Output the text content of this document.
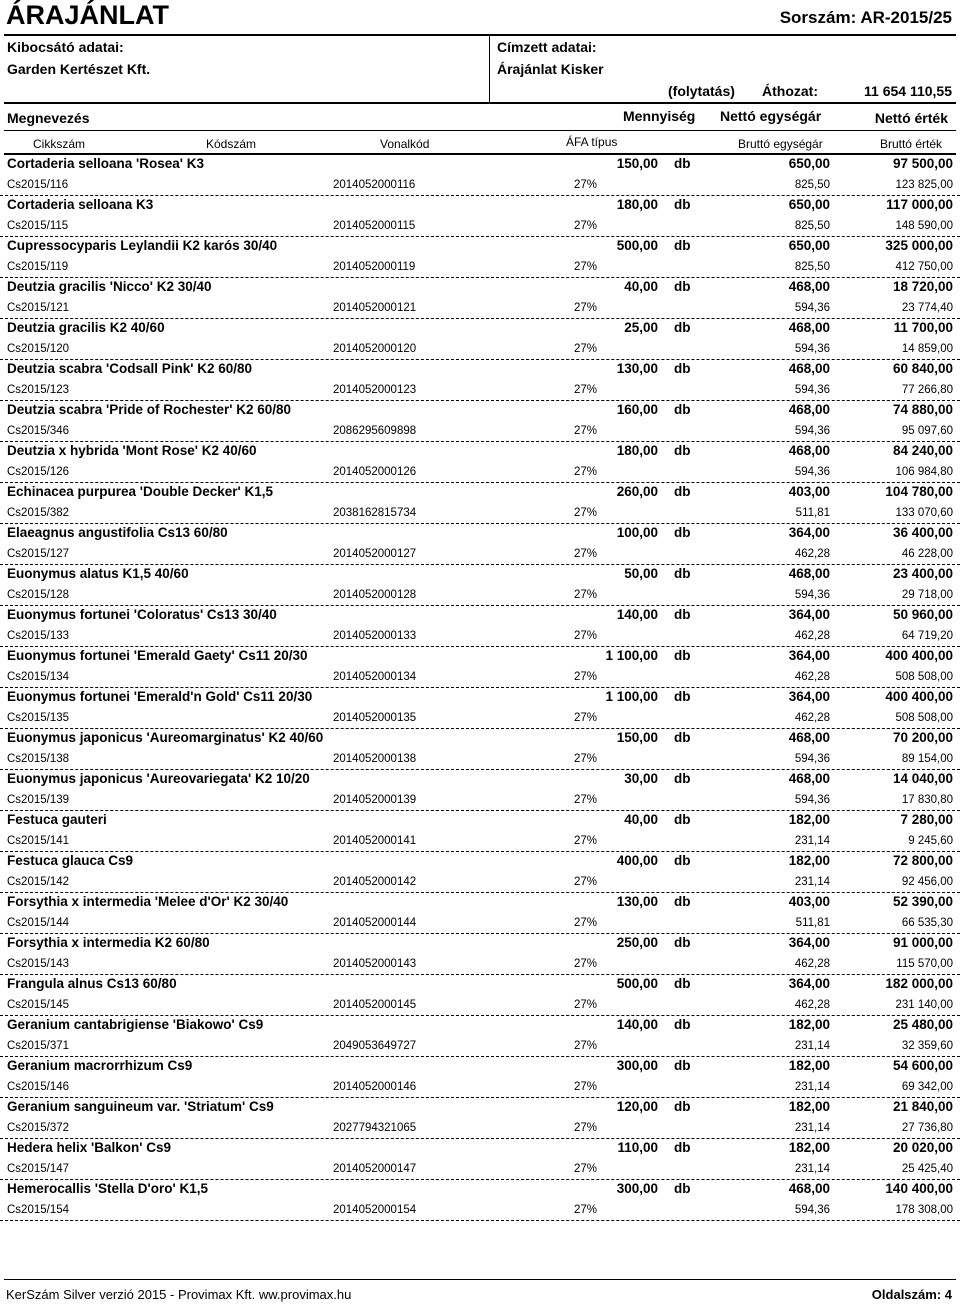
ÁRAJÁNLAT	Sorszám: AR-2015/25
Kibocsátó adatai:
Garden Kertészet Kft.
Címzett adatai:
Árajánlat Kisker
(folytatás) Áthozat:	11 654 110,55
Megnevezés	Mennyiség Nettó egységár	Nettó érték
Cikkszám	Kódszám	Vonalkód	ÁFA típus	Bruttó egységár	Bruttó érték
Cortaderia selloana 'Rosea' K3	150,00 db	650,00	97 500,00
Cs2015/116	2014052000116	27%	825,50	123 825,00
Cortaderia selloana K3	180,00 db	650,00	117 000,00
Cs2015/115	2014052000115	27%	825,50	148 590,00
Cupressocyparis Leylandii K2 karós 30/40	500,00 db	650,00	325 000,00
Cs2015/119	2014052000119	27%	825,50	412 750,00
Deutzia gracilis 'Nicco' K2 30/40	40,00 db	468,00	18 720,00
Cs2015/121	2014052000121	27%	594,36	23 774,40
Deutzia gracilis K2 40/60	25,00 db	468,00	11 700,00
Cs2015/120	2014052000120	27%	594,36	14 859,00
Deutzia scabra 'Codsall Pink' K2 60/80	130,00 db	468,00	60 840,00
Cs2015/123	2014052000123	27%	594,36	77 266,80
Deutzia scabra 'Pride of Rochester' K2 60/80	160,00 db	468,00	74 880,00
Cs2015/346	2086295609898	27%	594,36	95 097,60
Deutzia x hybrida 'Mont Rose' K2 40/60	180,00 db	468,00	84 240,00
Cs2015/126	2014052000126	27%	594,36	106 984,80
Echinacea purpurea 'Double Decker' K1,5	260,00 db	403,00	104 780,00
Cs2015/382	2038162815734	27%	511,81	133 070,60
Elaeagnus angustifolia Cs13 60/80	100,00 db	364,00	36 400,00
Cs2015/127	2014052000127	27%	462,28	46 228,00
Euonymus alatus K1,5 40/60	50,00 db	468,00	23 400,00
Cs2015/128	2014052000128	27%	594,36	29 718,00
Euonymus fortunei 'Coloratus' Cs13 30/40	140,00 db	364,00	50 960,00
Cs2015/133	2014052000133	27%	462,28	64 719,20
Euonymus fortunei 'Emerald Gaety' Cs11 20/30	1 100,00 db	364,00	400 400,00
Cs2015/134	2014052000134	27%	462,28	508 508,00
Euonymus fortunei 'Emerald'n Gold' Cs11 20/30	1 100,00 db	364,00	400 400,00
Cs2015/135	2014052000135	27%	462,28	508 508,00
Euonymus japonicus 'Aureomarginatus' K2 40/60	150,00 db	468,00	70 200,00
Cs2015/138	2014052000138	27%	594,36	89 154,00
Euonymus japonicus 'Aureovariegata' K2 10/20	30,00 db	468,00	14 040,00
Cs2015/139	2014052000139	27%	594,36	17 830,80
Festuca gauteri	40,00 db	182,00	7 280,00
Cs2015/141	2014052000141	27%	231,14	9 245,60
Festuca glauca Cs9	400,00 db	182,00	72 800,00
Cs2015/142	2014052000142	27%	231,14	92 456,00
Forsythia x intermedia 'Melee d'Or' K2 30/40	130,00 db	403,00	52 390,00
Cs2015/144	2014052000144	27%	511,81	66 535,30
Forsythia x intermedia K2 60/80	250,00 db	364,00	91 000,00
Cs2015/143	2014052000143	27%	462,28	115 570,00
Frangula alnus Cs13 60/80	500,00 db	364,00	182 000,00
Cs2015/145	2014052000145	27%	462,28	231 140,00
Geranium cantabrigiense 'Biakowo' Cs9	140,00 db	182,00	25 480,00
Cs2015/371	2049053649727	27%	231,14	32 359,60
Geranium macrorrhizum Cs9	300,00 db	182,00	54 600,00
Cs2015/146	2014052000146	27%	231,14	69 342,00
Geranium sanguineum var. 'Striatum' Cs9	120,00 db	182,00	21 840,00
Cs2015/372	2027794321065	27%	231,14	27 736,80
Hedera helix 'Balkon' Cs9	110,00 db	182,00	20 020,00
Cs2015/147	2014052000147	27%	231,14	25 425,40
Hemerocallis 'Stella D'oro' K1,5	300,00 db	468,00	140 400,00
Cs2015/154	2014052000154	27%	594,36	178 308,00
KerSzám Silver verzió 2015 - Provimax Kft. ww.provimax.hu	Oldalszám: 4
